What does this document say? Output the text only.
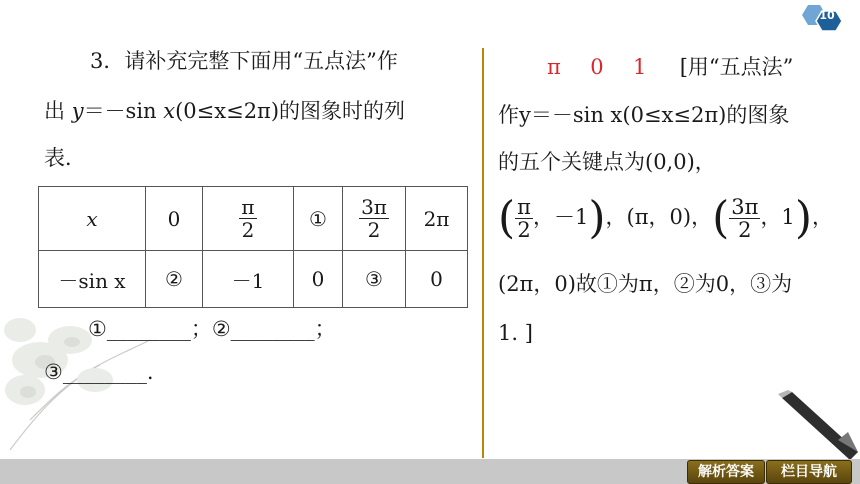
10
3．请补充完整下面用“五点法”作
出 y＝－sin x(0≤x≤2π)的图象时的列
表．
x	0	$\frac{\pi}{2}$	①	$\frac{3\pi}{2}$	2π
－sin x	②	－1	0	③	0
①________；②________；
③________.
π 0 1 [用“五点法”
作y＝－sin x(0≤x≤2π)的图象
的五个关键点为(0,0)，
( $\frac{\pi}{2}$ ，－1)，(π，0)，( $\frac{3\pi}{2}$ ，1)，
(2π，0)故①为π，②为0，③为
1. ]
解析答案	栏目导航
